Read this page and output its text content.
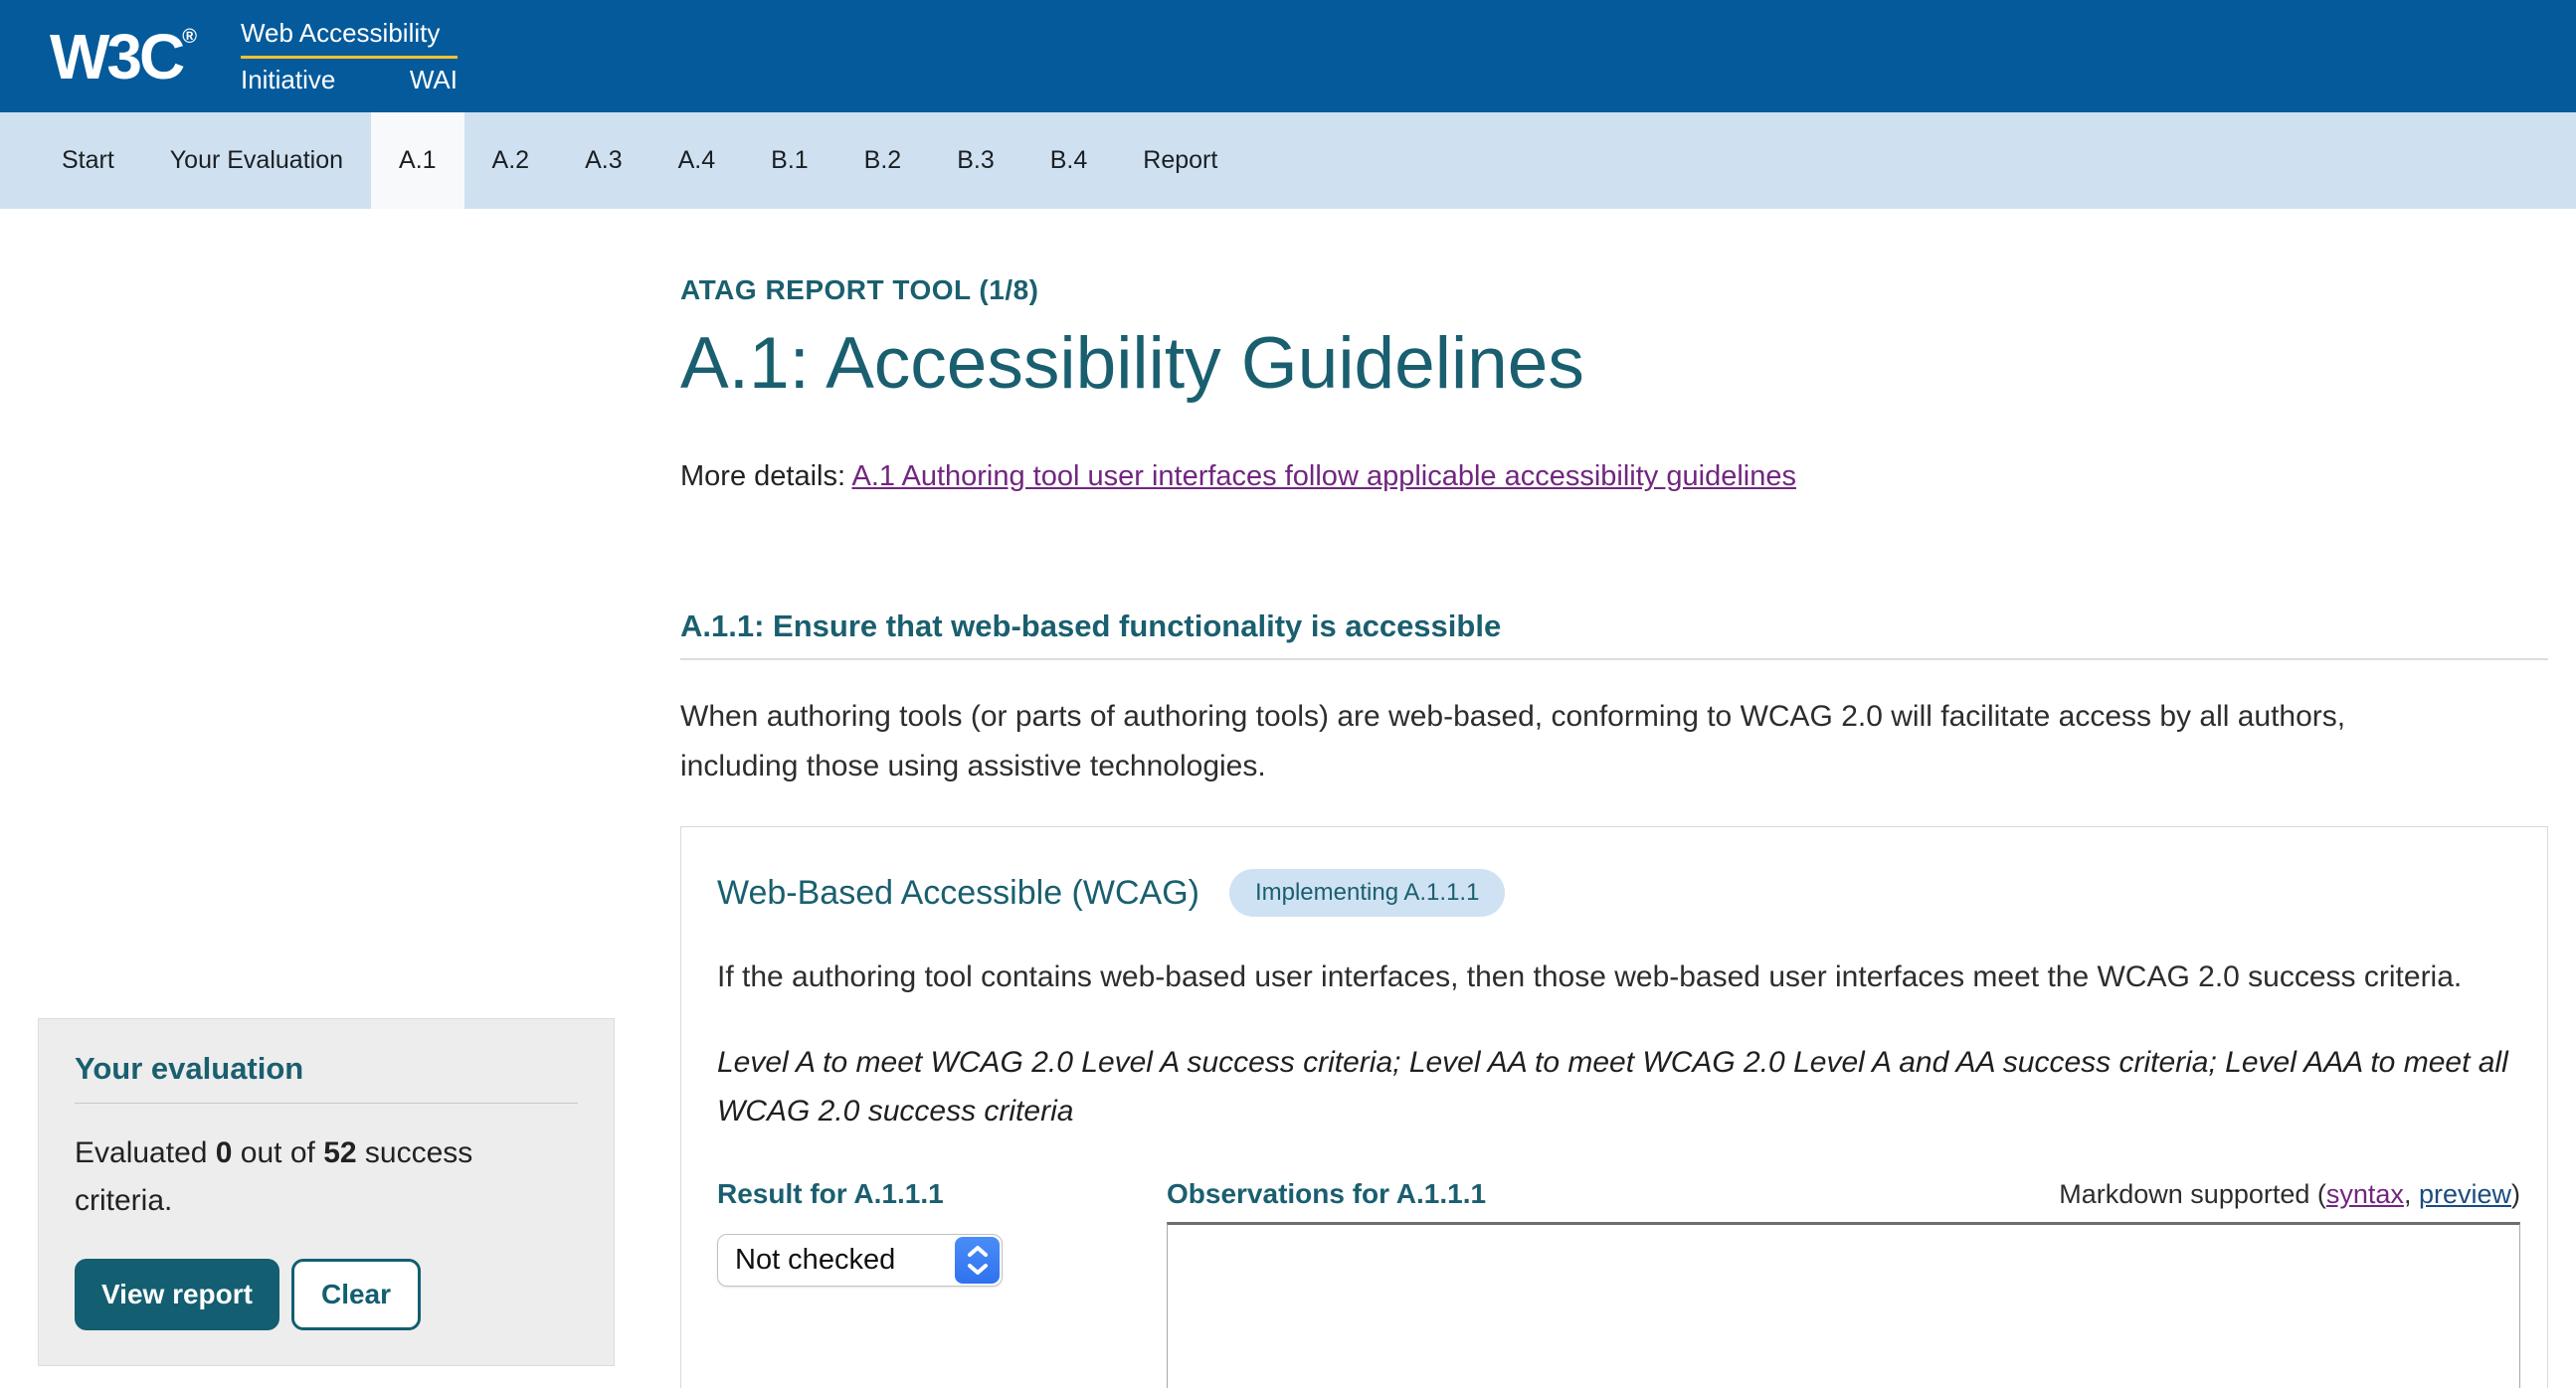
W3C ® Web Accessibility
Initiative	WAI
Start	Your Evaluation	A.1	A.2	A.3	A.4	B.1	B.2	B.3	B.4	Report
ATAG REPORT TOOL (1/8)
A.1: Accessibility Guidelines
More details: A.1 Authoring tool user interfaces follow applicable accessibility guidelines
A.1.1: Ensure that web-based functionality is accessible

When authoring tools (or parts of authoring tools) are web-based, conforming to WCAG 2.0 will facilitate access by all authors, including those using assistive technologies.

Web-Based Accessible (WCAG)	Implementing A.1.1.1

If the authoring tool contains web-based user interfaces, then those web-based user interfaces meet the WCAG 2.0 success criteria.

Level A to meet WCAG 2.0 Level A success criteria; Level AA to meet WCAG 2.0 Level A and AA success criteria; Level AAA to meet all WCAG 2.0 success criteria

Result for A.1.1.1
Not checked
Observations for A.1.1.1	Markdown supported (syntax, preview)
Your evaluation
Evaluated 0 out of 52 success criteria.
View report	Clear
